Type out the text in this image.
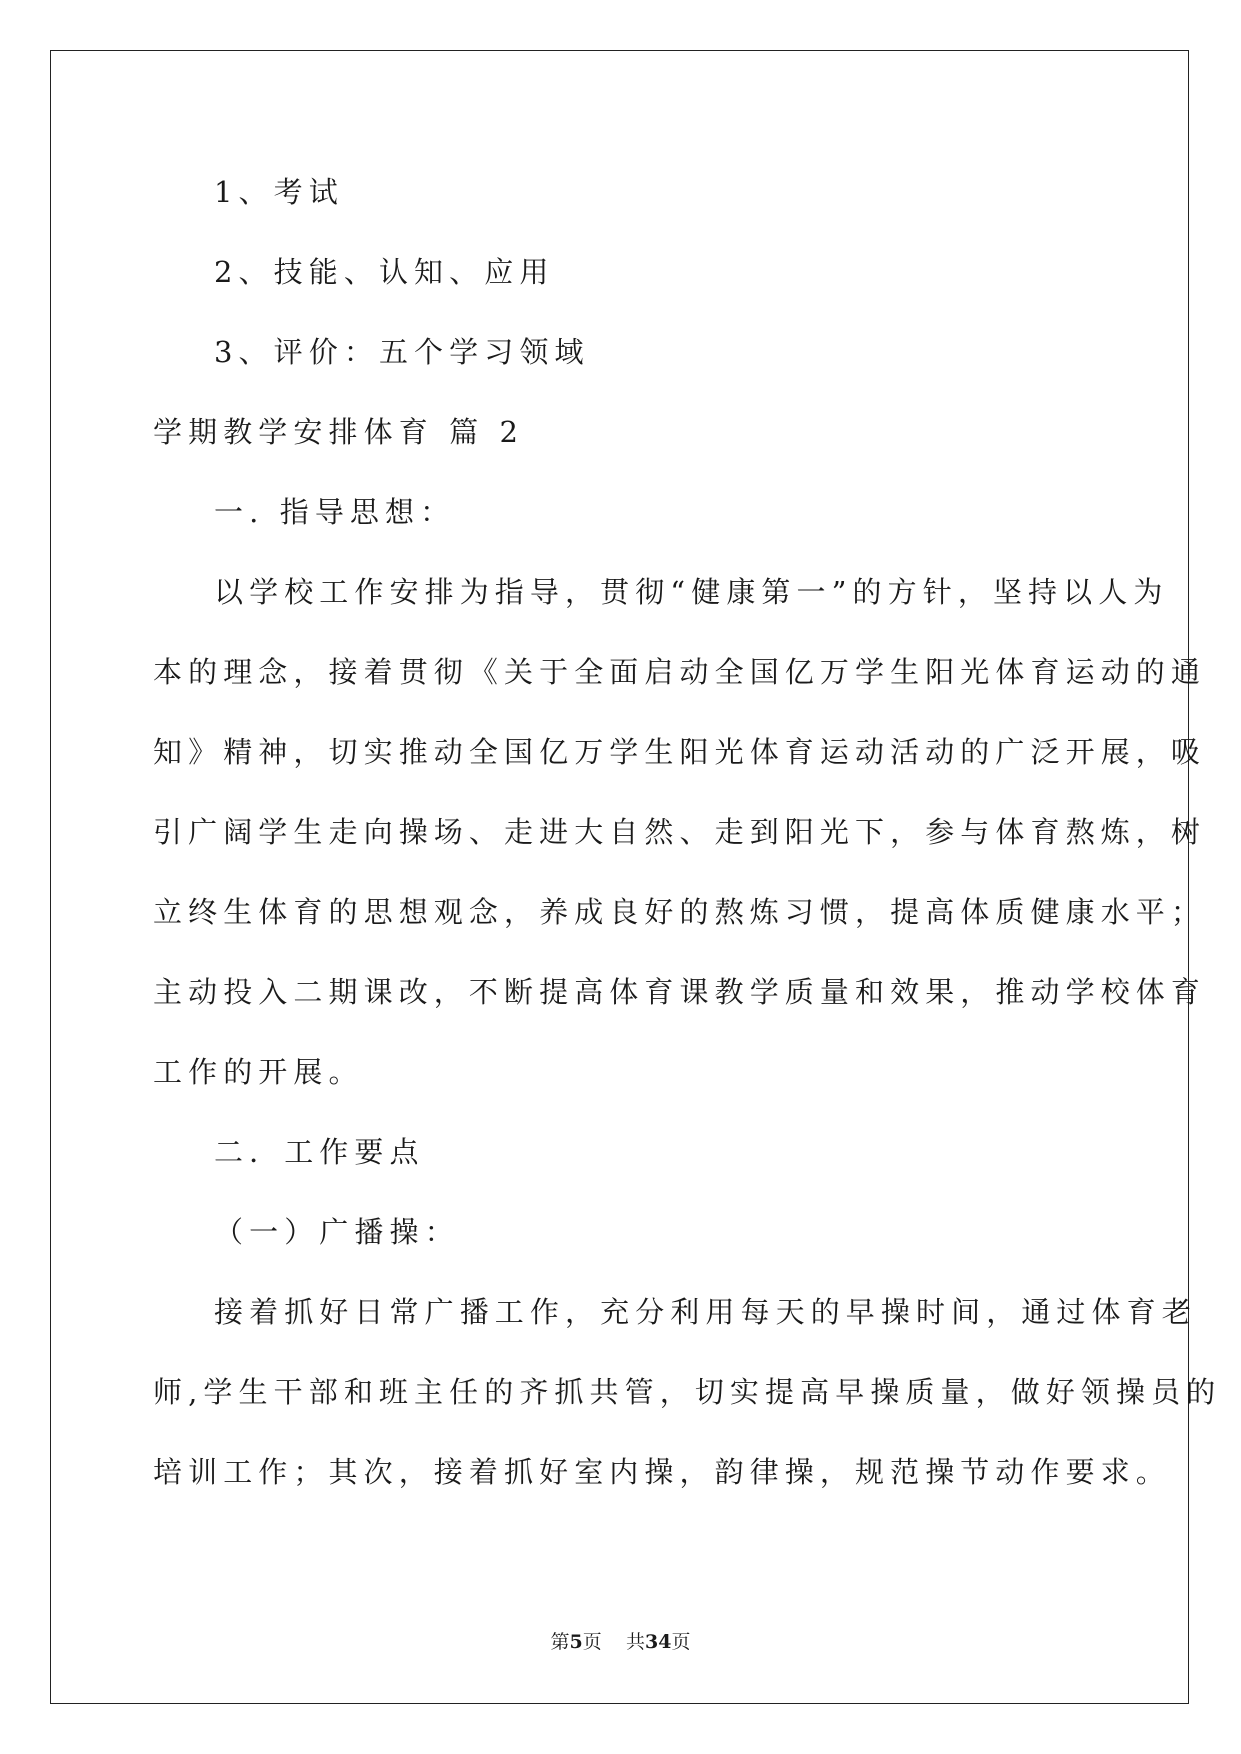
1、考试
2、技能、认知、应用
3、评价：五个学习领域
学期教学安排体育 篇 2
一. 指导思想：
以学校工作安排为指导，贯彻“健康第一”的方针，坚持以人为
本的理念，接着贯彻《关于全面启动全国亿万学生阳光体育运动的通
知》精神，切实推动全国亿万学生阳光体育运动活动的广泛开展，吸
引广阔学生走向操场、走进大自然、走到阳光下，参与体育熬炼，树
立终生体育的思想观念，养成良好的熬炼习惯，提高体质健康水平；
主动投入二期课改，不断提高体育课教学质量和效果，推动学校体育
工作的开展。
二．工作要点
（一）广播操：
接着抓好日常广播工作，充分利用每天的早操时间，通过体育老
师,学生干部和班主任的齐抓共管，切实提高早操质量，做好领操员的
培训工作；其次，接着抓好室内操，韵律操，规范操节动作要求。
第5页 共34页
